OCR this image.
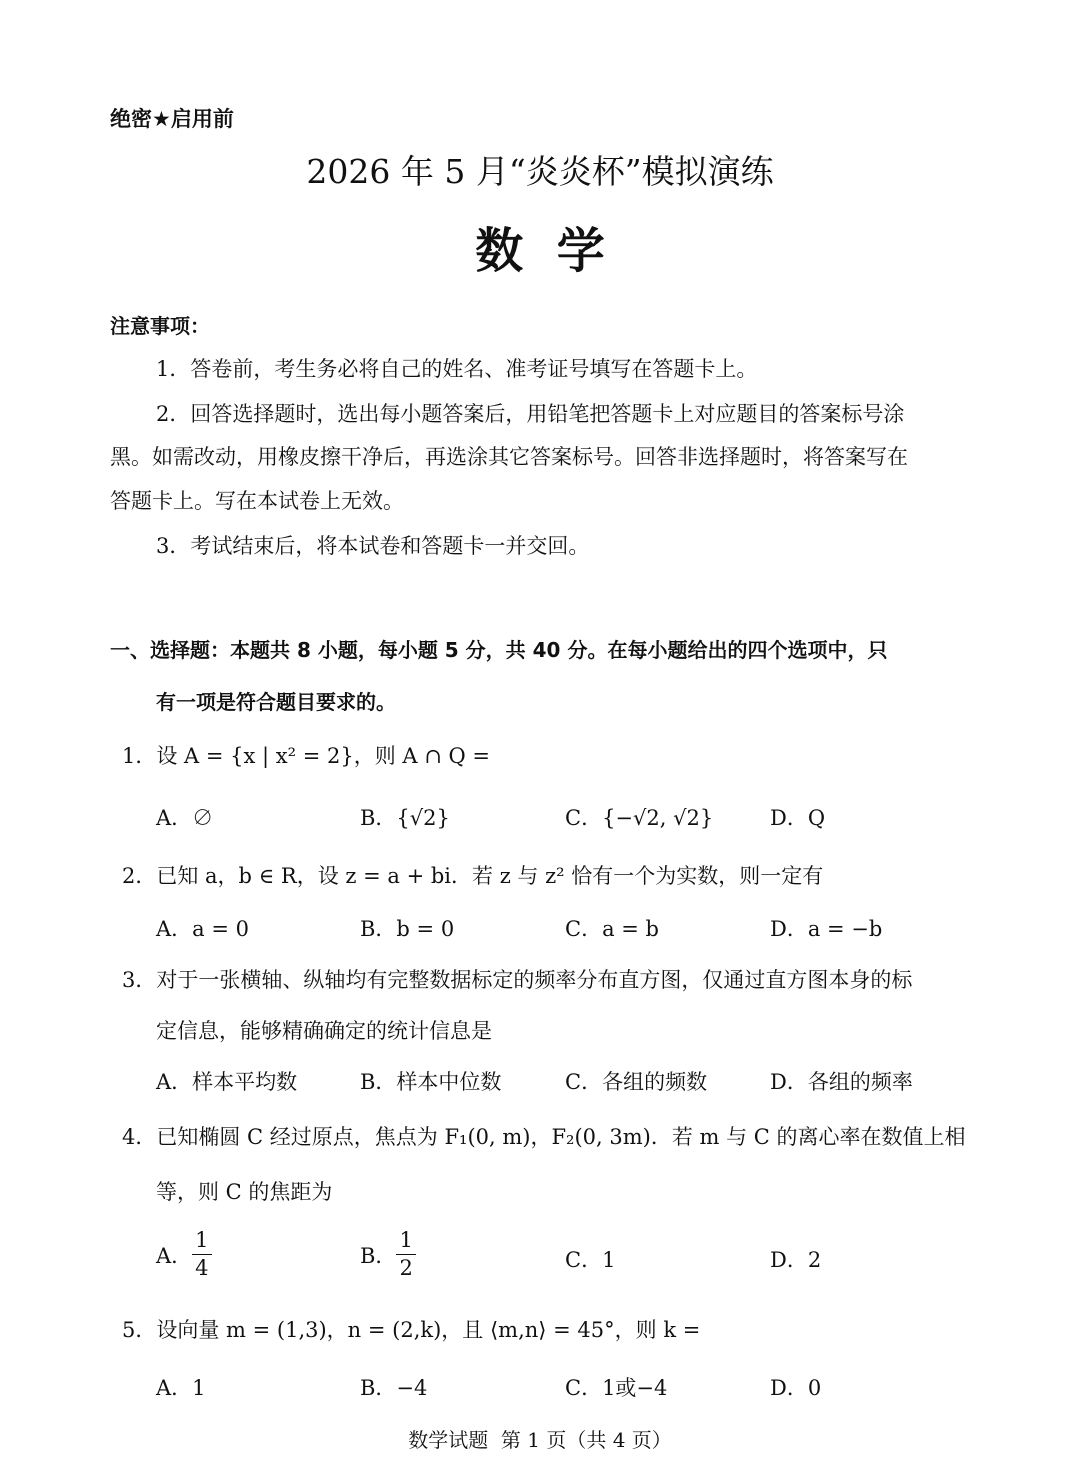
绝密★启用前
2026 年 5 月“炎炎杯”模拟演练
数  学
注意事项：
1．答卷前，考生务必将自己的姓名、准考证号填写在答题卡上。
2．回答选择题时，选出每小题答案后，用铅笔把答题卡上对应题目的答案标号涂
黑。如需改动，用橡皮擦干净后，再选涂其它答案标号。回答非选择题时，将答案写在
答题卡上。写在本试卷上无效。
3．考试结束后，将本试卷和答题卡一并交回。
一、选择题：本题共 8 小题，每小题 5 分，共 40 分。在每小题给出的四个选项中，只
有一项是符合题目要求的。
1．设 A = {x | x² = 2}，则 A ∩ Q =
A．∅	B．{√2}	C．{−√2, √2}	D．Q
2．已知 a，b ∈ R，设 z = a + bi．若 z 与 z² 恰有一个为实数，则一定有
A．a = 0	B．b = 0	C．a = b	D．a = −b
3．对于一张横轴、纵轴均有完整数据标定的频率分布直方图，仅通过直方图本身的标
定信息，能够精确确定的统计信息是
A．样本平均数	B．样本中位数	C．各组的频数	D．各组的频率
4．已知椭圆 C 经过原点，焦点为 F₁(0, m)，F₂(0, 3m)．若 m 与 C 的离心率在数值上相
等，则 C 的焦距为
A． $\frac{1}{4}$	B． $\frac{1}{2}$	C．1	D．2
5．设向量 m = (1,3)，n = (2,k)，且 ⟨m,n⟩ = 45°，则 k =
A．1	B．−4	C．1或−4	D．0
数学试题  第 1 页（共 4 页）
